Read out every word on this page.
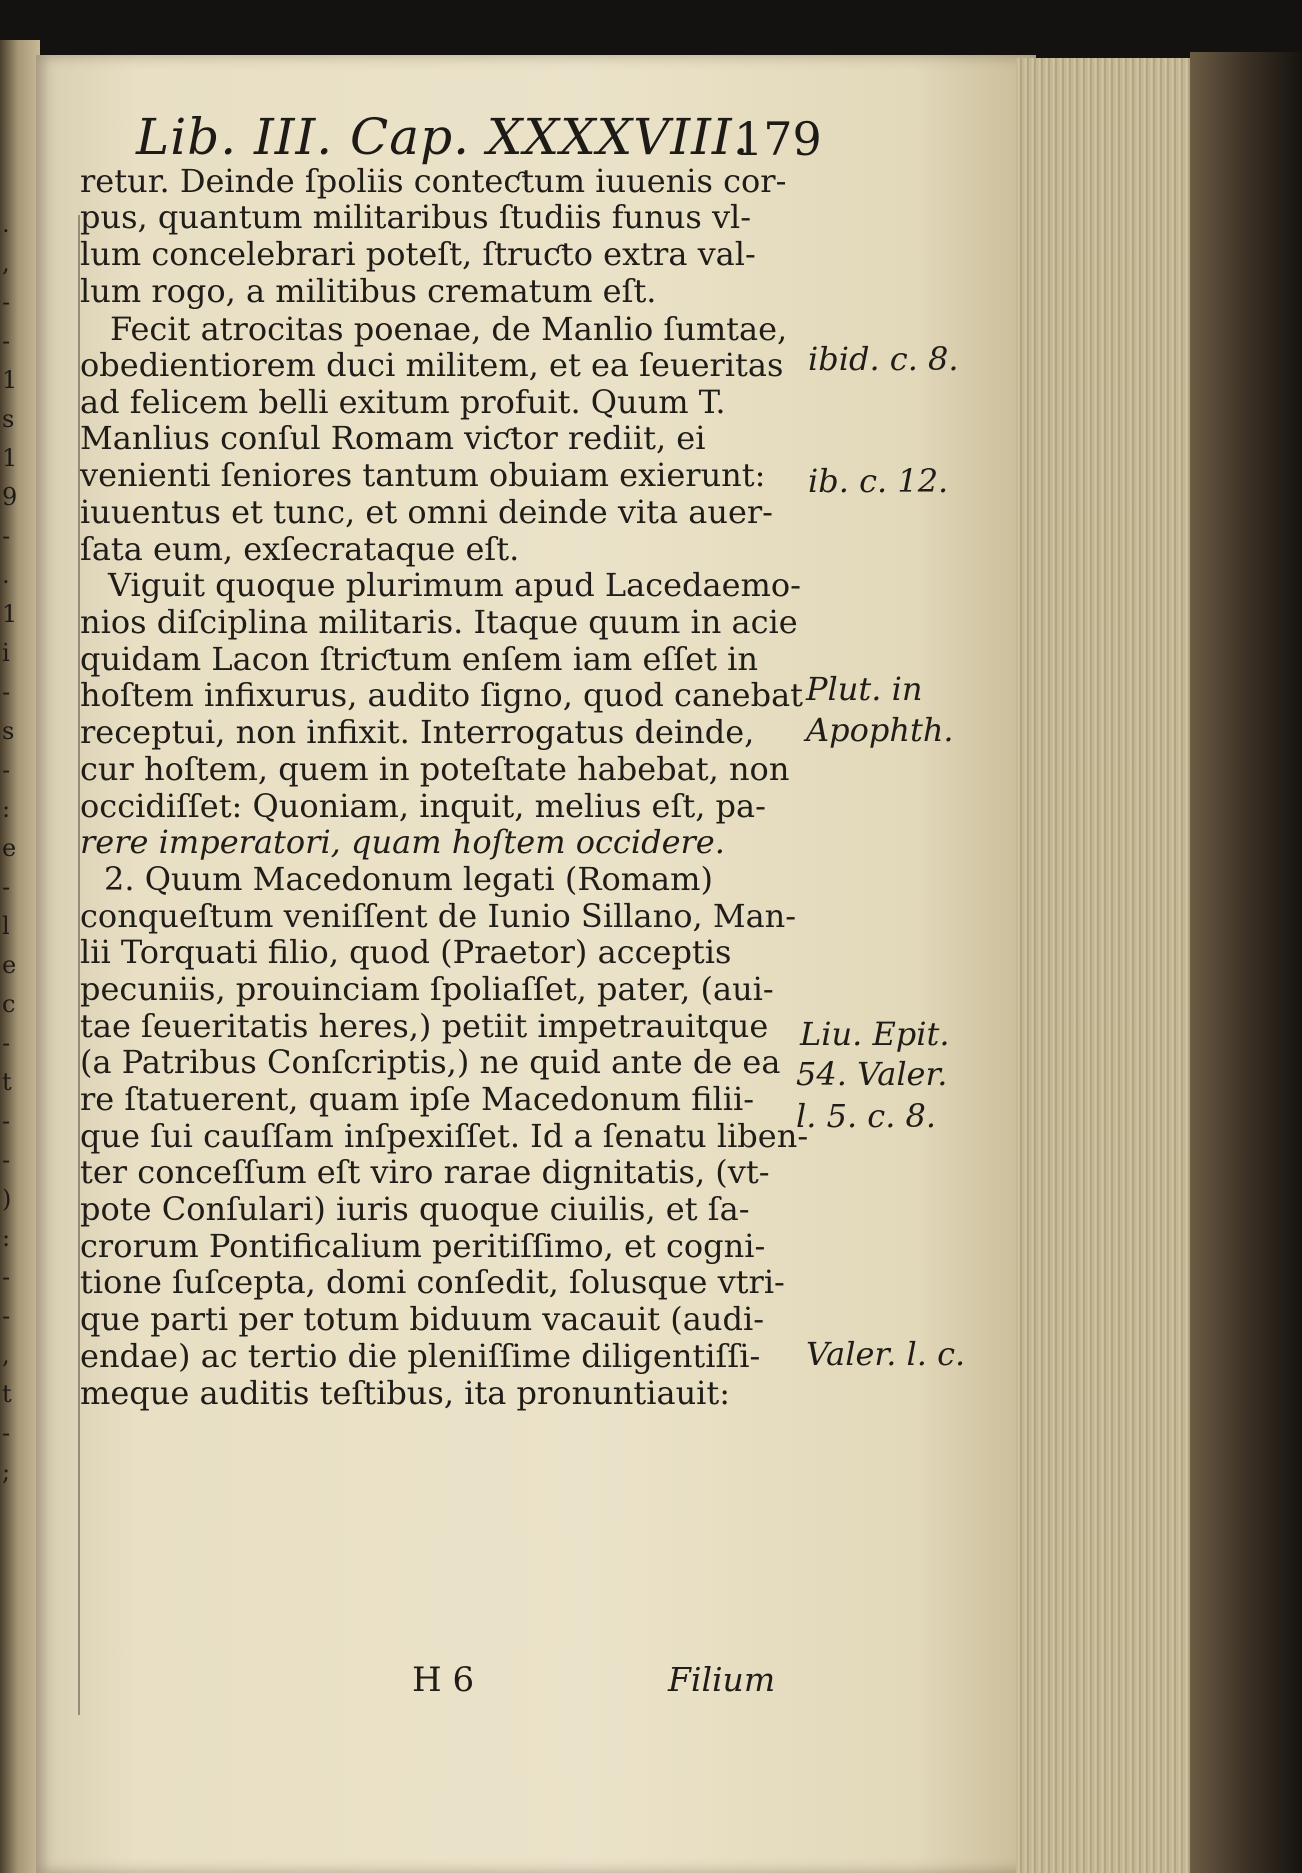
.
,
-
-
1
s
1
9
-
.
1
i
-
s
-
:
e
-
l
e
c
-
t
-
-
)
:
-
-
,
t
-
;
Lib. III. Cap. XXXXVIII.
179
retur. Deinde ſpoliis conteƈtum iuuenis cor-
pus, quantum militaribus ſtudiis funus vl-
lum concelebrari poteſt, ſtruƈto extra val-
lum rogo, a militibus crematum eſt.
Fecit atrocitas poenae, de Manlio ſumtae,
obedientiorem duci militem, et ea ſeueritas
ad felicem belli exitum profuit. Quum T.
Manlius conſul Romam viƈtor rediit, ei
venienti ſeniores tantum obuiam exierunt:
iuuentus et tunc, et omni deinde vita auer-
ſata eum, exſecrataque eſt.
Viguit quoque plurimum apud Lacedaemo-
nios diſciplina militaris. Itaque quum in acie
quidam Lacon ſtriƈtum enſem iam eſſet in
hoſtem infixurus, audito ſigno, quod canebat
receptui, non infixit. Interrogatus deinde,
cur hoſtem, quem in poteſtate habebat, non
occidiſſet: Quoniam, inquit, melius eſt, pa-
rere imperatori, quam hoſtem occidere.
2. Quum Macedonum legati (Romam)
conqueſtum veniſſent de Iunio Sillano, Man-
lii Torquati filio, quod (Praetor) acceptis
pecuniis, prouinciam ſpoliaſſet, pater, (aui-
tae ſeueritatis heres,) petiit impetrauitque
(a Patribus Conſcriptis,) ne quid ante de ea
re ſtatuerent, quam ipſe Macedonum filii-
que ſui cauſſam inſpexiſſet. Id a ſenatu liben-
ter conceſſum eſt viro rarae dignitatis, (vt-
pote Conſulari) iuris quoque ciuilis, et ſa-
crorum Pontificalium peritiſſimo, et cogni-
tione ſuſcepta, domi conſedit, ſolusque vtri-
que parti per totum biduum vacauit (audi-
endae) ac tertio die pleniſſime diligentiſſi-
meque auditis teſtibus, ita pronuntiauit:
ibid. c. 8.
ib. c. 12.
Plut. in
Apophth.
Liu. Epit.
54. Valer.
l. 5. c. 8.
Valer. l. c.
H 6	Filium
